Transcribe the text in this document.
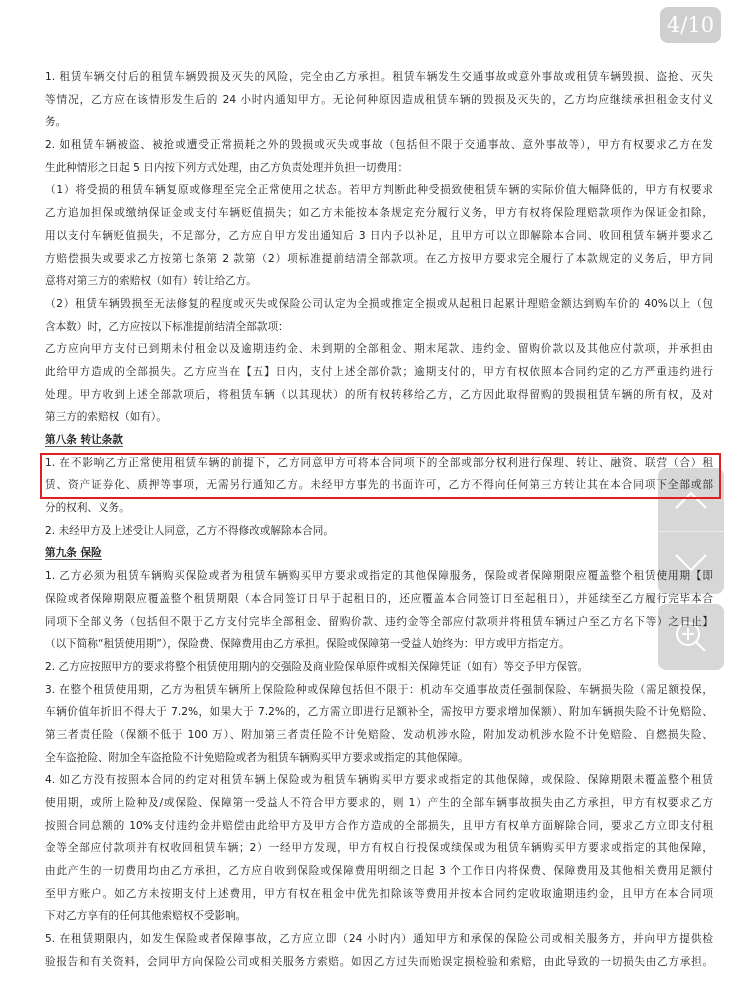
1. 租赁车辆交付后的租赁车辆毁损及灭失的风险，完全由乙方承担。租赁车辆发生交通事故或意外事故或租赁车辆毁损、盗抢、灭失
等情况，乙方应在该情形发生后的 24 小时内通知甲方。无论何种原因造成租赁车辆的毁损及灭失的，乙方均应继续承担租金支付义
务。
2. 如租赁车辆被盗、被抢或遭受正常损耗之外的毁损或灭失或事故（包括但不限于交通事故、意外事故等），甲方有权要求乙方在发
生此种情形之日起 5 日内按下列方式处理，由乙方负责处理并负担一切费用：
（1）将受损的租赁车辆复原或修理至完全正常使用之状态。若甲方判断此种受损致使租赁车辆的实际价值大幅降低的，甲方有权要求
乙方追加担保或缴纳保证金或支付车辆贬值损失；如乙方未能按本条规定充分履行义务，甲方有权将保险理赔款项作为保证金扣除，
用以支付车辆贬值损失，不足部分，乙方应自甲方发出通知后 3 日内予以补足，且甲方可以立即解除本合同、收回租赁车辆并要求乙
方赔偿损失或要求乙方按第七条第 2 款第（2）项标准提前结清全部款项。在乙方按甲方要求完全履行了本款规定的义务后，甲方同
意将对第三方的索赔权（如有）转让给乙方。
（2）租赁车辆毁损至无法修复的程度或灭失或保险公司认定为全损或推定全损或从起租日起累计理赔金额达到购车价的 40%以上（包
含本数）时，乙方应按以下标准提前结清全部款项：
乙方应向甲方支付已到期未付租金以及逾期违约金、未到期的全部租金、期末尾款、违约金、留购价款以及其他应付款项，并承担由
此给甲方造成的全部损失。乙方应当在【五】日内，支付上述全部价款；逾期支付的，甲方有权依照本合同约定的乙方严重违约进行
处理。甲方收到上述全部款项后，将租赁车辆（以其现状）的所有权转移给乙方，乙方因此取得留购的毁损租赁车辆的所有权，及对
第三方的索赔权（如有）。
第八条 转让条款
1. 在不影响乙方正常使用租赁车辆的前提下，乙方同意甲方可将本合同项下的全部或部分权利进行保理、转让、融资、联营（合）租
赁、资产证券化、质押等事项，无需另行通知乙方。未经甲方事先的书面许可，乙方不得向任何第三方转让其在本合同项下全部或部
分的权利、义务。
2. 未经甲方及上述受让人同意，乙方不得修改或解除本合同。
第九条 保险
1. 乙方必须为租赁车辆购买保险或者为租赁车辆购买甲方要求或指定的其他保障服务，保险或者保障期限应覆盖整个租赁使用期【即
保险或者保障期限应覆盖整个租赁期限（本合同签订日早于起租日的，还应覆盖本合同签订日至起租日），并延续至乙方履行完毕本合
同项下全部义务（包括但不限于乙方支付完毕全部租金、留购价款、违约金等全部应付款项并将租赁车辆过户至乙方名下等）之日止】
（以下简称“租赁使用期”），保险费、保障费用由乙方承担。保险或保障第一受益人始终为：甲方或甲方指定方。
2. 乙方应按照甲方的要求将整个租赁使用期内的交强险及商业险保单原件或相关保障凭证（如有）等交予甲方保管。
3. 在整个租赁使用期，乙方为租赁车辆所上保险险种或保障包括但不限于：机动车交通事故责任强制保险、车辆损失险（需足额投保，
车辆价值年折旧不得大于 7.2%，如果大于 7.2%的，乙方需立即进行足额补全，需按甲方要求增加保额）、附加车辆损失险不计免赔险、
第三者责任险（保额不低于 100 万）、附加第三者责任险不计免赔险、发动机涉水险，附加发动机涉水险不计免赔险、自燃损失险、
全车盗抢险、附加全车盗抢险不计免赔险或者为租赁车辆购买甲方要求或指定的其他保障。
4. 如乙方没有按照本合同的约定对租赁车辆上保险或为租赁车辆购买甲方要求或指定的其他保障，或保险、保障期限未覆盖整个租赁
使用期，或所上险种及/或保险、保障第一受益人不符合甲方要求的，则 1）产生的全部车辆事故损失由乙方承担，甲方有权要求乙方
按照合同总额的 10%支付违约金并赔偿由此给甲方及甲方合作方造成的全部损失，且甲方有权单方面解除合同，要求乙方立即支付租
金等全部应付款项并有权收回租赁车辆；2）一经甲方发现，甲方有权自行投保或续保或为租赁车辆购买甲方要求或指定的其他保障，
由此产生的一切费用均由乙方承担，乙方应自收到保险或保障费用明细之日起 3 个工作日内将保费、保障费用及其他相关费用足额付
至甲方账户。如乙方未按期支付上述费用，甲方有权在租金中优先扣除该等费用并按本合同约定收取逾期违约金，且甲方在本合同项
下对乙方享有的任何其他索赔权不受影响。
5. 在租赁期限内，如发生保险或者保障事故，乙方应立即（24 小时内）通知甲方和承保的保险公司或相关服务方，并向甲方提供检
验报告和有关资料，会同甲方向保险公司或相关服务方索赔。如因乙方过失而贻误定损检验和索赔，由此导致的一切损失由乙方承担。
4/10
